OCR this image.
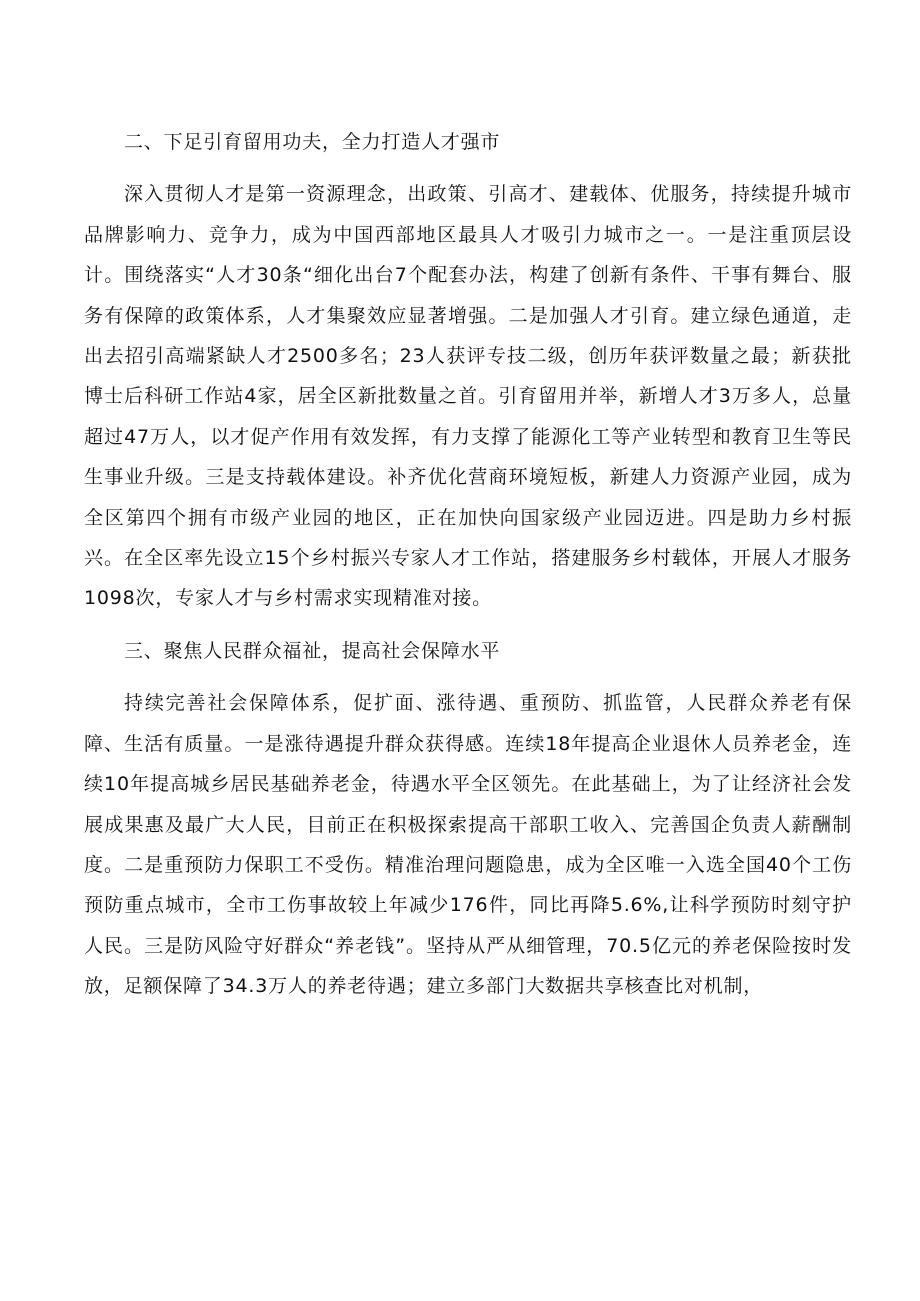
二、下足引育留用功夫，全力打造人才强市

深入贯彻人才是第一资源理念，出政策、引高才、建载体、优服务，持续提升城市品牌影响力、竞争力，成为中国西部地区最具人才吸引力城市之一。一是注重顶层设计。围绕落实“人才30条“细化出台7个配套办法，构建了创新有条件、干事有舞台、服务有保障的政策体系，人才集聚效应显著增强。二是加强人才引育。建立绿色通道，走出去招引高端紧缺人才2500多名；23人获评专技二级，创历年获评数量之最；新获批博士后科研工作站4家，居全区新批数量之首。引育留用并举，新增人才3万多人，总量超过47万人，以才促产作用有效发挥，有力支撑了能源化工等产业转型和教育卫生等民生事业升级。三是支持载体建设。补齐优化营商环境短板，新建人力资源产业园，成为全区第四个拥有市级产业园的地区，正在加快向国家级产业园迈进。四是助力乡村振兴。在全区率先设立15个乡村振兴专家人才工作站，搭建服务乡村载体，开展人才服务1098次，专家人才与乡村需求实现精准对接。

三、聚焦人民群众福祉，提高社会保障水平

持续完善社会保障体系，促扩面、涨待遇、重预防、抓监管，人民群众养老有保障、生活有质量。一是涨待遇提升群众获得感。连续18年提高企业退休人员养老金，连续10年提高城乡居民基础养老金，待遇水平全区领先。在此基础上，为了让经济社会发展成果惠及最广大人民，目前正在积极探索提高干部职工收入、完善国企负责人薪酬制度。二是重预防力保职工不受伤。精准治理问题隐患，成为全区唯一入选全国40个工伤预防重点城市，全市工伤事故较上年减少176件，同比再降5.6%,让科学预防时刻守护人民。三是防风险守好群众“养老钱”。坚持从严从细管理，70.5亿元的养老保险按时发放，足额保障了34.3万人的养老待遇；建立多部门大数据共享核查比对机制，
